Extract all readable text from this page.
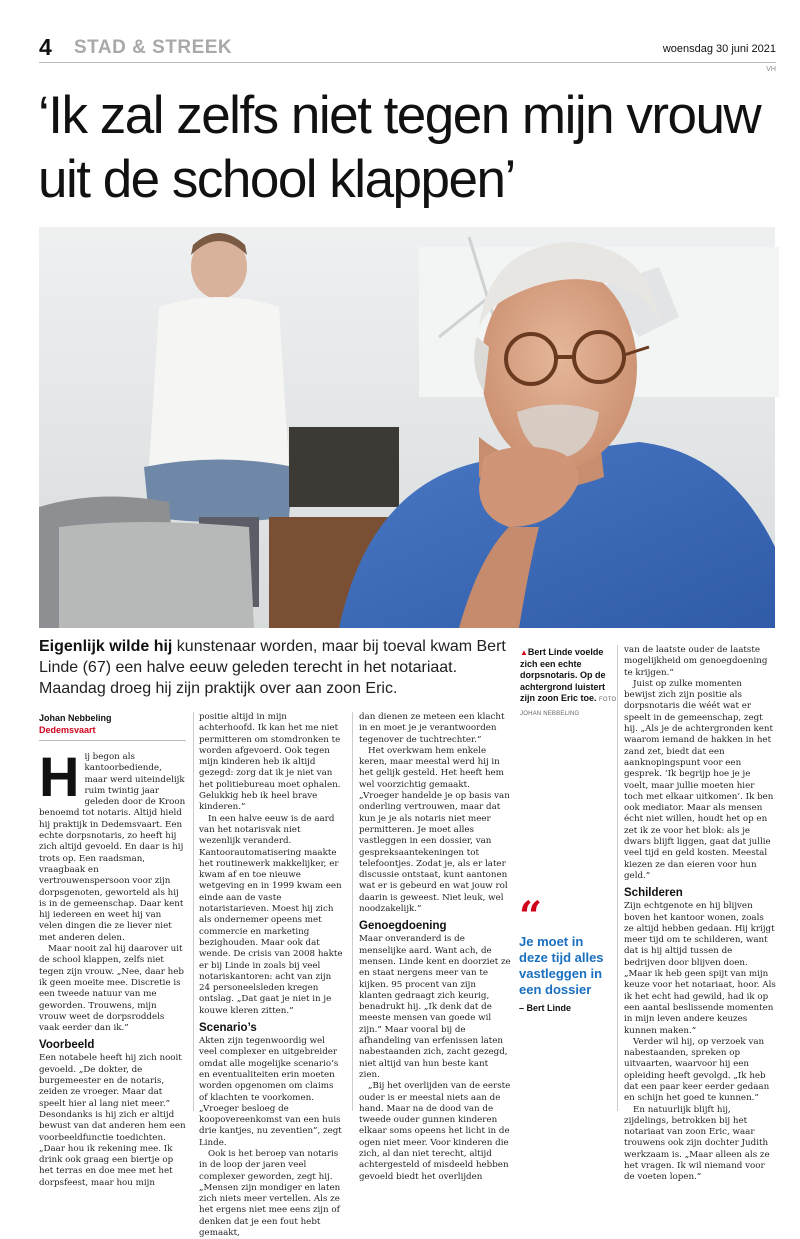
4 STAD & STREEK	woensdag 30 juni 2021
VH
‘Ik zal zelfs niet tegen mijn vrouw uit de school klappen’
Eigenlijk wilde hij kunstenaar worden, maar bij toeval kwam Bert Linde (67) een halve eeuw geleden terecht in het notariaat. Maandag droeg hij zijn praktijk over aan zoon Eric.
▲Bert Linde voelde zich een echte dorpsnotaris. Op de achtergrond luistert zijn zoon Eric toe. FOTO JOHAN NEBBELING
Johan Nebbeling
Dedemsvaart
H ij begon als kantoorbediende, maar werd uiteindelijk ruim twintig jaar geleden door de Kroon benoemd tot notaris. Altijd hield hij praktijk in Dedemsvaart. Een echte dorpsnotaris, zo heeft hij zich altijd gevoeld. En daar is hij trots op. Een raadsman, vraagbaak en vertrouwenspersoon voor zijn dorpsgenoten, geworteld als hij is in de gemeenschap. Daar kent hij iedereen en weet hij van velen dingen die ze liever niet met anderen delen.

Maar nooit zal hij daarover uit de school klappen, zelfs niet tegen zijn vrouw. „Nee, daar heb ik geen moeite mee. Discretie is een tweede natuur van me geworden. Trouwens, mijn vrouw weet de dorpsroddels vaak eerder dan ik.”

Voorbeeld

Een notabele heeft hij zich nooit gevoeld. „De dokter, de burgemeester en de notaris, zeiden ze vroeger. Maar dat speelt hier al lang niet meer.” Desondanks is hij zich er altijd bewust van dat anderen hem een voorbeeldfunctie toedichten. „Daar hou ik rekening mee. Ik drink ook graag een biertje op het terras en doe mee met het dorpsfeest, maar hou mijn

positie altijd in mijn achterhoofd. Ik kan het me niet permitteren om stomdronken te worden afgevoerd. Ook tegen mijn kinderen heb ik altijd gezegd: zorg dat ik je niet van het politiebureau moet ophalen. Gelukkig heb ik heel brave kinderen.”

In een halve eeuw is de aard van het notarisvak niet wezenlijk veranderd. Kantoorautomatisering maakte het routinewerk makkelijker, er kwam af en toe nieuwe wetgeving en in 1999 kwam een einde aan de vaste notaristarieven. Moest hij zich als ondernemer opeens met commercie en marketing bezighouden. Maar ook dat wende. De crisis van 2008 hakte er bij Linde in zoals bij veel notariskantoren: acht van zijn 24 personeelsleden kregen ontslag. „Dat gaat je niet in je kouwe kleren zitten.”

Scenario’s

Akten zijn tegenwoordig wel veel complexer en uitgebreider omdat alle mogelijke scenario’s en eventualiteiten erin moeten worden opgenomen om claims of klachten te voorkomen. „Vroeger besloeg de koopovereenkomst van een huis drie kantjes, nu zeventien”, zegt Linde.

Ook is het beroep van notaris in de loop der jaren veel complexer geworden, zegt hij. „Mensen zijn mondiger en laten zich niets meer vertellen. Als ze het ergens niet mee eens zijn of denken dat je een fout hebt gemaakt,

dan dienen ze meteen een klacht in en moet je je verantwoorden tegenover de tuchtrechter.”

Het overkwam hem enkele keren, maar meestal werd hij in het gelijk gesteld. Het heeft hem wel voorzichtig gemaakt. „Vroeger handelde je op basis van onderling vertrouwen, maar dat kun je je als notaris niet meer permitteren. Je moet alles vastleggen in een dossier, van gespreksaantekeningen tot telefoontjes. Zodat je, als er later discussie ontstaat, kunt aantonen wat er is gebeurd en wat jouw rol daarin is geweest. Niet leuk, wel noodzakelijk.”

Genoegdoening

Maar onveranderd is de menselijke aard. Want ach, de mensen. Linde kent en doorziet ze en staat nergens meer van te kijken. 95 procent van zijn klanten gedraagt zich keurig, benadrukt hij. „Ik denk dat de meeste mensen van goede wil zijn.” Maar vooral bij de afhandeling van erfenissen laten nabestaanden zich, zacht gezegd, niet altijd van hun beste kant zien.

„Bij het overlijden van de eerste ouder is er meestal niets aan de hand. Maar na de dood van de tweede ouder gunnen kinderen elkaar soms opeens het licht in de ogen niet meer. Voor kinderen die zich, al dan niet terecht, altijd achtergesteld of misdeeld hebben gevoeld biedt het overlijden

“
Je moet in deze tijd alles vastleggen in een dossier
– Bert Linde

van de laatste ouder de laatste mogelijkheid om genoegdoening te krijgen.”

Juist op zulke momenten bewijst zich zijn positie als dorpsnotaris die wéét wat er speelt in de gemeenschap, zegt hij. „Als je de achtergronden kent waarom iemand de hakken in het zand zet, biedt dat een aanknopingspunt voor een gesprek. ‘Ik begrijp hoe je je voelt, maar jullie moeten hier toch met elkaar uitkomen’. Ik ben ook mediator. Maar als mensen écht niet willen, houdt het op en zet ik ze voor het blok: als je dwars blijft liggen, gaat dat jullie veel tijd en geld kosten. Meestal kiezen ze dan eieren voor hun geld.”

Schilderen

Zijn echtgenote en hij blijven boven het kantoor wonen, zoals ze altijd hebben gedaan. Hij krijgt meer tijd om te schilderen, want dat is hij altijd tussen de bedrijven door blijven doen. „Maar ik heb geen spijt van mijn keuze voor het notariaat, hoor. Als ik het echt had gewild, had ik op een aantal beslissende momenten in mijn leven andere keuzes kunnen maken.”

Verder wil hij, op verzoek van nabestaanden, spreken op uitvaarten, waarvoor hij een opleiding heeft gevolgd. „Ik heb dat een paar keer eerder gedaan en schijn het goed te kunnen.”

En natuurlijk blijft hij, zijdelings, betrokken bij het notariaat van zoon Eric, waar trouwens ook zijn dochter Judith werkzaam is. „Maar alleen als ze het vragen. Ik wil niemand voor de voeten lopen.”
